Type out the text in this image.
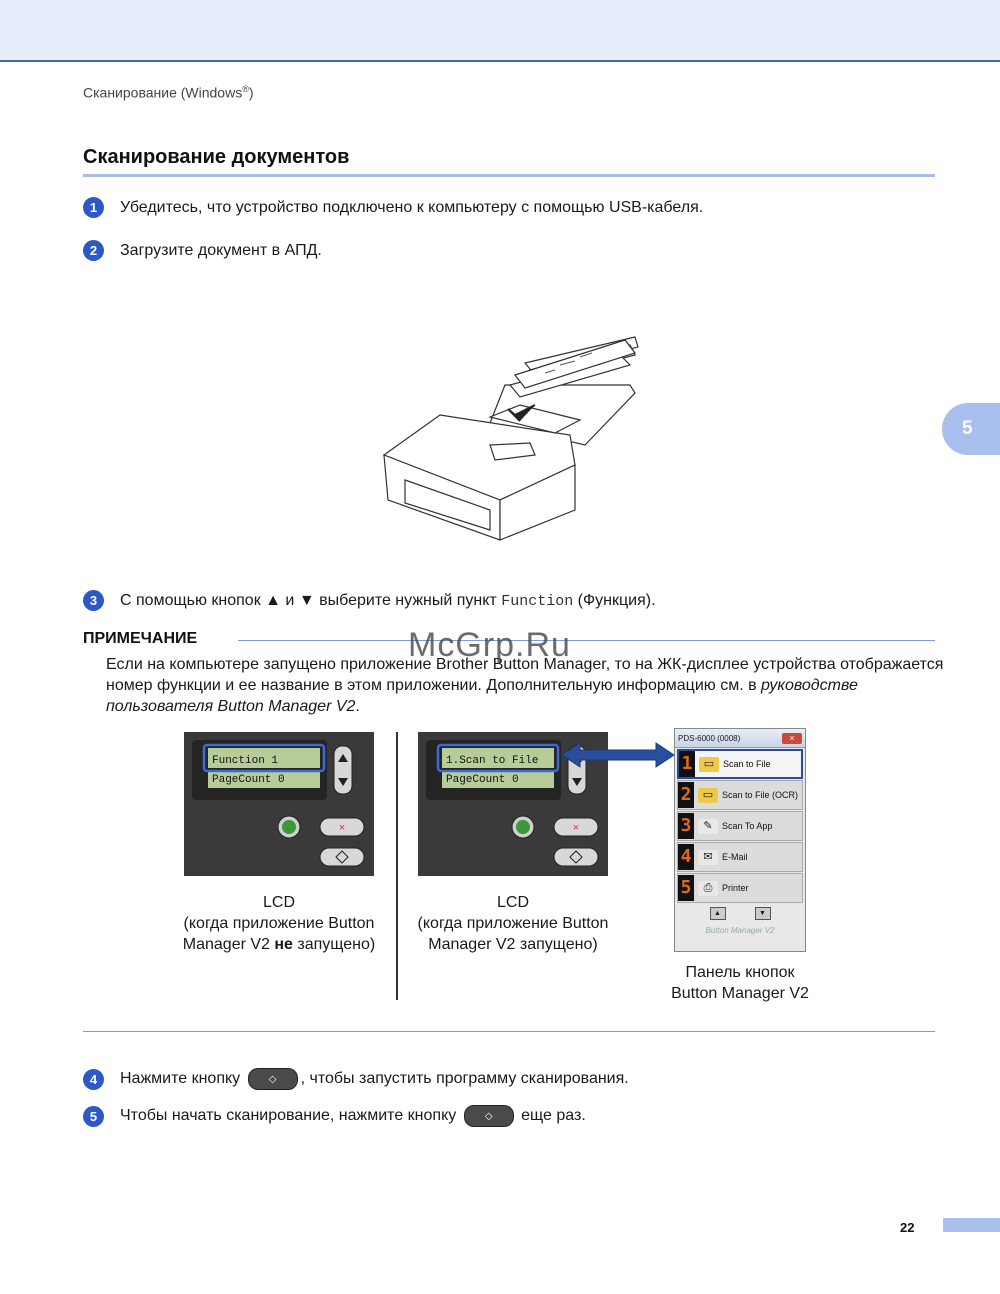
Сканирование (Windows®)
Сканирование документов
5
1	Убедитесь, что устройство подключено к компьютеру с помощью USB-кабеля.
2	Загрузите документ в АПД.
3	С помощью кнопок ▲ и ▼ выберите нужный пункт Function (Функция).
ПРИМЕЧАНИЕ
Если на компьютере запущено приложение Brother Button Manager, то на ЖК-дисплее устройства отображается номер функции и ее название в этом приложении. Дополнительную информацию см. в руководстве пользователя Button Manager V2.
McGrp.Ru
Function 1
PageCount 0
×
LCD
(когда приложение Button
Manager V2 не запущено)
1.Scan to File
PageCount 0
×
LCD
(когда приложение Button
Manager V2 запущено)
PDS-6000 (0008)	×
1	▭ Scan to File
2	▭ Scan to File (OCR)
3	✎	Scan To App
4	✉	E-Mail
5	⎙	Printer
▲	▼
Button Manager V2
Панель кнопок
Button Manager V2
4	Нажмите кнопку ◇ , чтобы запустить программу сканирования.
5	Чтобы начать сканирование, нажмите кнопку ◇ еще раз.
22
